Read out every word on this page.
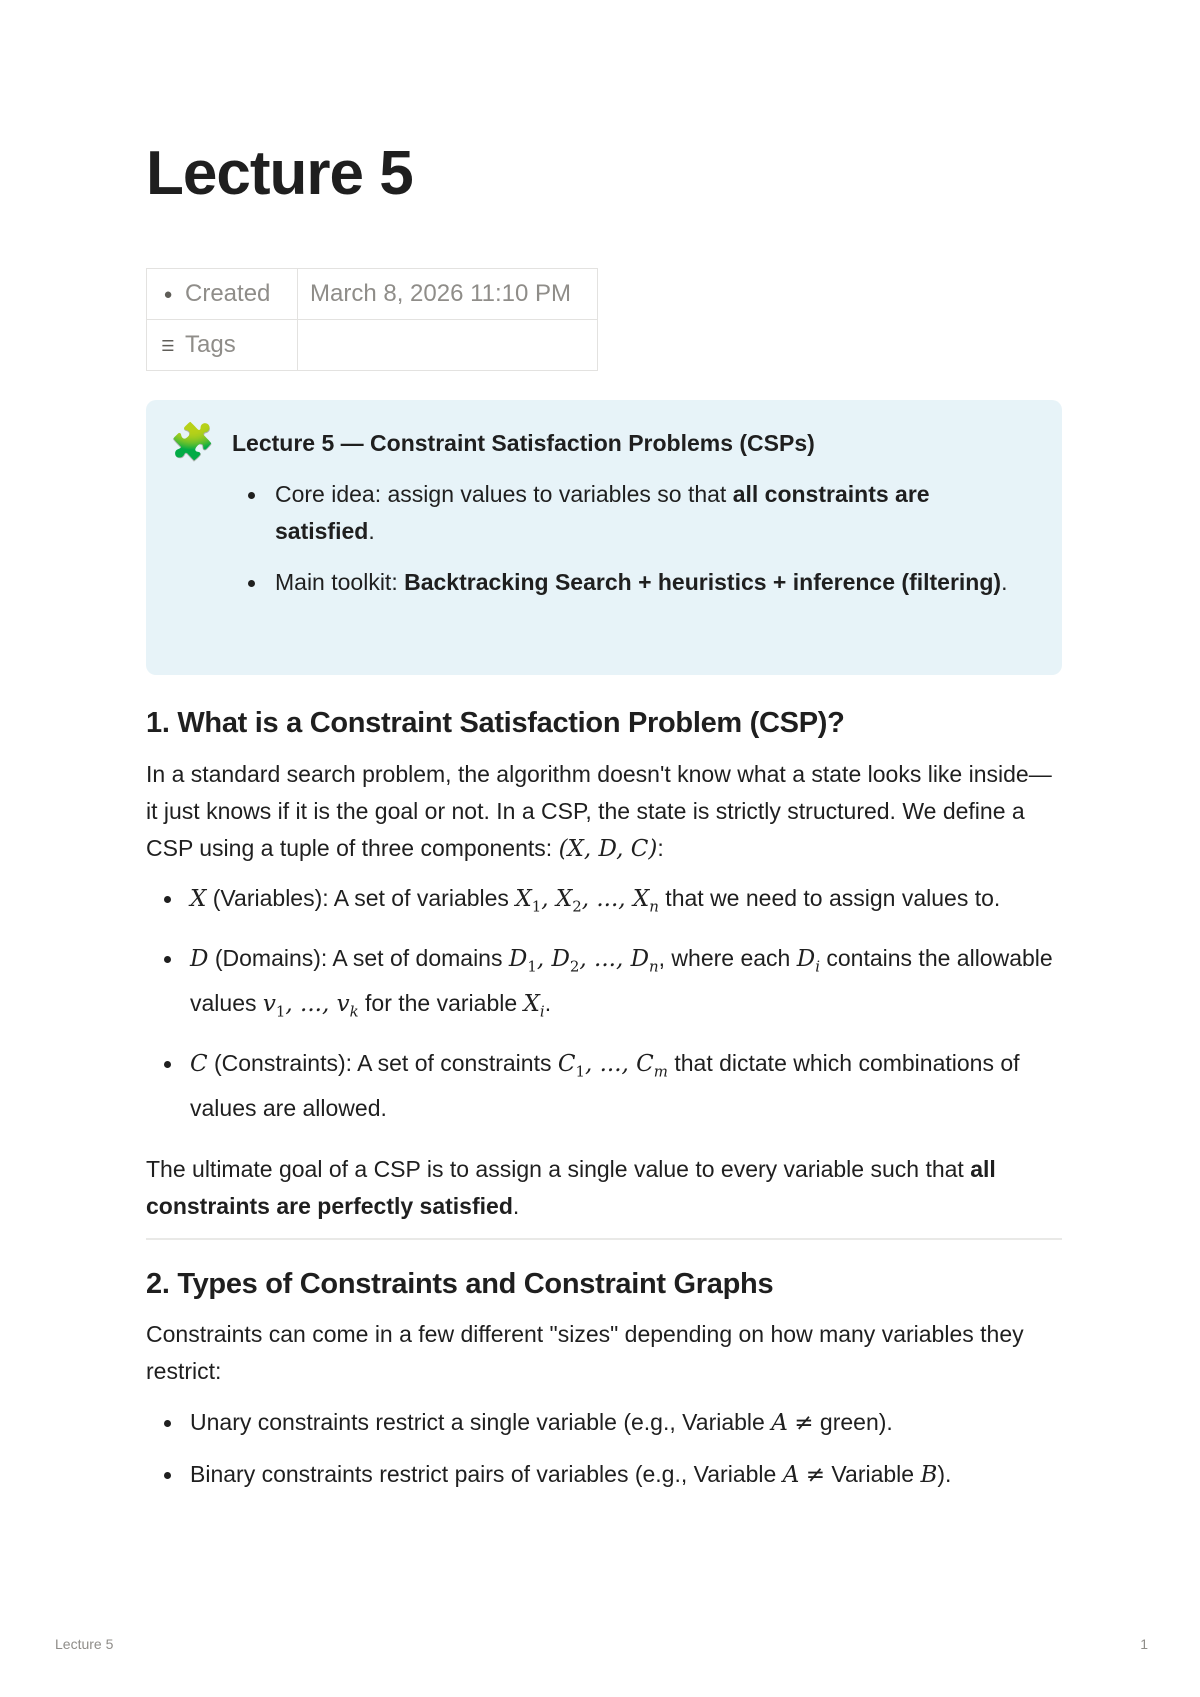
Lecture 5
● Created	March 8, 2026 11:10 PM
☰ Tags	
🧩 Lecture 5 — Constraint Satisfaction Problems (CSPs)
Core idea: assign values to variables so that all constraints are satisfied.
Main toolkit: Backtracking Search + heuristics + inference (filtering).
1. What is a Constraint Satisfaction Problem (CSP)?

In a standard search problem, the algorithm doesn't know what a state looks like inside—it just knows if it is the goal or not. In a CSP, the state is strictly structured. We define a CSP using a tuple of three components: (X, D, C):

X (Variables): A set of variables $X_1$, $X_2$, ..., $X_n$ that we need to assign values to.
D (Domains): A set of domains $D_1$, $D_2$, ..., $D_n$, where each $D_i$ contains the allowable values $v_1$, ..., $v_k$ for the variable $X_i$.
C (Constraints): A set of constraints $C_1$, ..., $C_m$ that dictate which combinations of values are allowed.

The ultimate goal of a CSP is to assign a single value to every variable such that all constraints are perfectly satisfied.

2. Types of Constraints and Constraint Graphs

Constraints can come in a few different "sizes" depending on how many variables they restrict:

Unary constraints restrict a single variable (e.g., Variable A ≠ green).
Binary constraints restrict pairs of variables (e.g., Variable A ≠ Variable B).
Lecture 5	1
